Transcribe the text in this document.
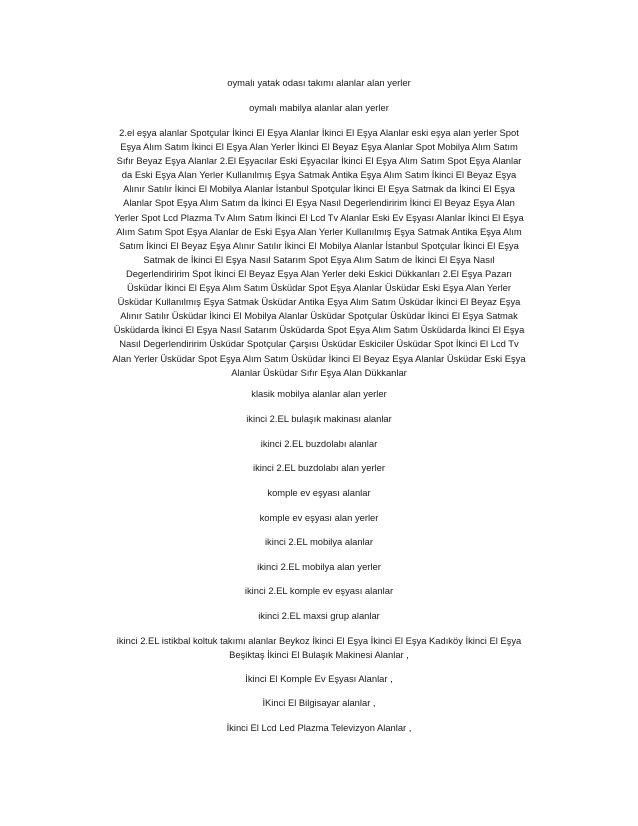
oymalı yatak odası takımı alanlar alan yerler
oymalı mabilya alanlar alan yerler
2.el eşya alanlar Spotçular İkinci El Eşya Alanlar İkinci El Eşya Alanlar eski eşya alan yerler Spot
Eşya Alım Satım İkinci El Eşya Alan Yerler İkinci El Beyaz Eşya Alanlar Spot Mobilya Alım Satım
Sıfır Beyaz Eşya Alanlar 2.El Eşyacılar Eski Eşyacılar İkinci El Eşya Alım Satım Spot Eşya Alanlar
da Eski Eşya Alan Yerler Kullanılmış Eşya Satmak Antika Eşya Alım Satım İkinci El Beyaz Eşya
Alınır Satılır İkinci El Mobilya Alanlar İstanbul Spotçular İkinci El Eşya Satmak da İkinci El Eşya
Alanlar Spot Eşya Alım Satım da İkinci El Eşya Nasıl Degerlendiririm İkinci El Beyaz Eşya Alan
Yerler Spot Lcd Plazma Tv Alım Satım İkinci El Lcd Tv Alanlar Eski Ev Eşyası Alanlar İkinci El Eşya
Alım Satım Spot Eşya Alanlar de Eski Eşya Alan Yerler Kullanılmış Eşya Satmak Antika Eşya Alım
Satım İkinci El Beyaz Eşya Alınır Satılır İkinci El Mobilya Alanlar İstanbul Spotçular İkinci El Eşya
Satmak de İkinci El Eşya Nasıl Satarım Spot Eşya Alım Satım de İkinci El Eşya Nasıl
Degerlendiririm Spot İkinci El Beyaz Eşya Alan Yerler deki Eskici Dükkanları 2.El Eşya Pazarı
Üsküdar İkinci El Eşya Alım Satım Üsküdar Spot Eşya Alanlar Üsküdar Eski Eşya Alan Yerler
Üsküdar Kullanılmış Eşya Satmak Üsküdar Antika Eşya Alım Satım Üsküdar İkinci El Beyaz Eşya
Alınır Satılır Üsküdar İkinci El Mobilya Alanlar Üsküdar Spotçular Üsküdar İkinci El Eşya Satmak
Üsküdarda İkinci El Eşya Nasıl Satarım Üsküdarda Spot Eşya Alım Satım Üsküdarda İkinci El Eşya
Nasıl Degerlendiririm Üsküdar Spotçular Çarşısı Üsküdar Eskiciler Üsküdar Spot İkinci El Lcd Tv
Alan Yerler Üsküdar Spot Eşya Alım Satım Üsküdar İkinci El Beyaz Eşya Alanlar Üsküdar Eski Eşya
Alanlar Üsküdar Sıfır Eşya Alan Dükkanlar
klasik mobilya alanlar alan yerler
ikinci 2.EL bulaşık makinası alanlar
ikinci 2.EL buzdolabı alanlar
ikinci 2.EL buzdolabı alan yerler
komple ev eşyası alanlar
komple ev eşyası alan yerler
ikinci 2.EL mobilya alanlar
ikinci 2.EL mobilya alan yerler
ikinci 2.EL komple ev eşyası alanlar
ikinci 2.EL maxsi grup alanlar
ikinci 2.EL istikbal koltuk takımı alanlar Beykoz İkinci El Eşya İkinci El Eşya Kadıköy İkinci El Eşya
Beşiktaş İkinci El Bulaşık Makinesi Alanlar ,
İkinci El Komple Ev Eşyası Alanlar ,
İKinci El Bilgisayar alanlar ,
İkinci El Lcd Led Plazma Televizyon Alanlar ,
